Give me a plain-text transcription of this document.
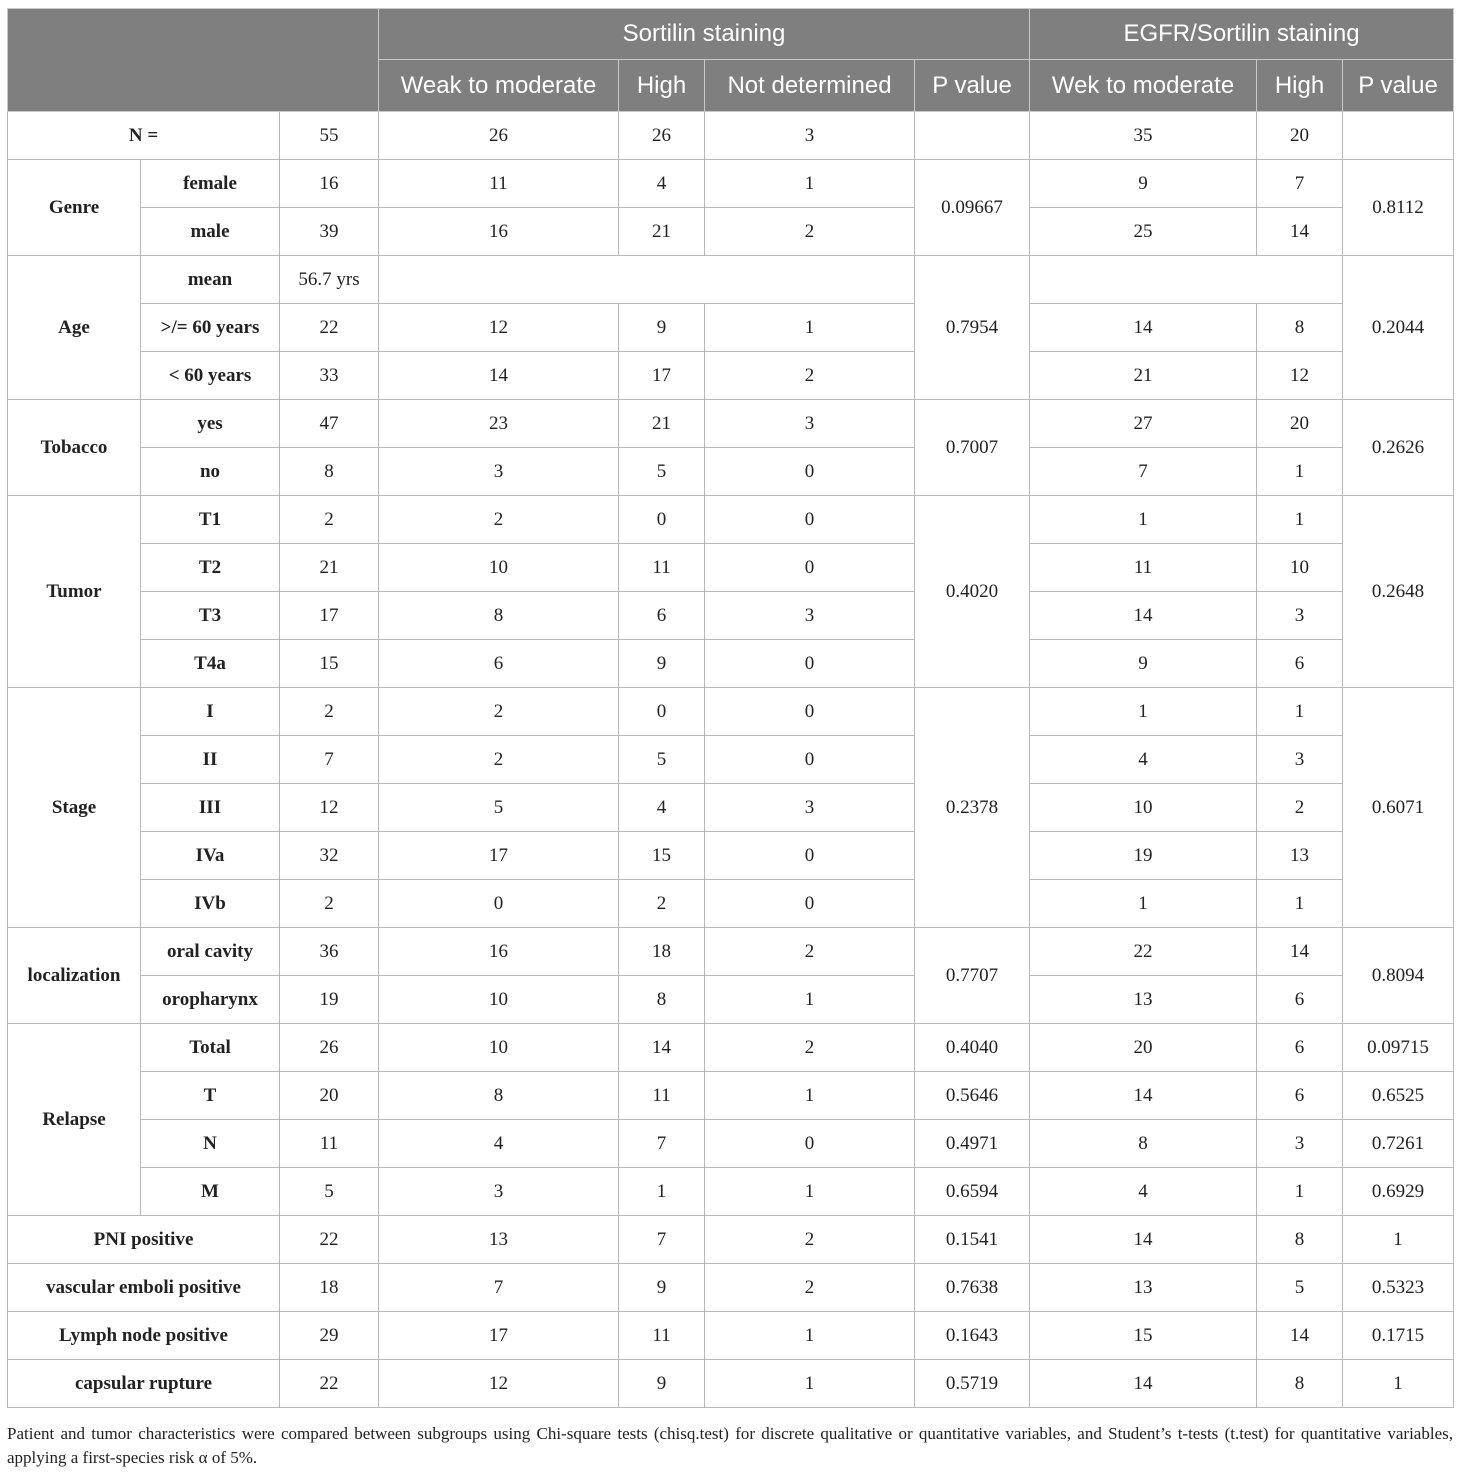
			Sortilin staining				EGFR/Sortilin staining		
			Weak to moderate	High	Not determined	P value	Wek to moderate	High	P value
N =		55	26	26	3		35	20	
Genre	female	16	11	4	1	0.09667	9	7	0.8112
	male	39	16	21	2		25	14	
Age	mean	56.7 yrs				0.7954			0.2044
	>/= 60 years	22	12	9	1		14	8	
	< 60 years	33	14	17	2		21	12	
Tobacco	yes	47	23	21	3	0.7007	27	20	0.2626
	no	8	3	5	0		7	1	
Tumor	T1	2	2	0	0	0.4020	1	1	0.2648
	T2	21	10	11	0		11	10	
	T3	17	8	6	3		14	3	
	T4a	15	6	9	0		9	6	
Stage	I	2	2	0	0	0.2378	1	1	0.6071
	II	7	2	5	0		4	3	
	III	12	5	4	3		10	2	
	IVa	32	17	15	0		19	13	
	IVb	2	0	2	0		1	1	
localization	oral cavity	36	16	18	2	0.7707	22	14	0.8094
	oropharynx	19	10	8	1		13	6	
Relapse	Total	26	10	14	2	0.4040	20	6	0.09715
	T	20	8	11	1	0.5646	14	6	0.6525
	N	11	4	7	0	0.4971	8	3	0.7261
	M	5	3	1	1	0.6594	4	1	0.6929
PNI positive		22	13	7	2	0.1541	14	8	1
vascular emboli positive		18	7	9	2	0.7638	13	5	0.5323
Lymph node positive		29	17	11	1	0.1643	15	14	0.1715
capsular rupture		22	12	9	1	0.5719	14	8	1
Patient and tumor characteristics were compared between subgroups using Chi-square tests (chisq.test) for discrete qualitative or quantitative variables, and Student’s t-tests (t.test) for quantitative variables, applying a first-species risk α of 5%.
